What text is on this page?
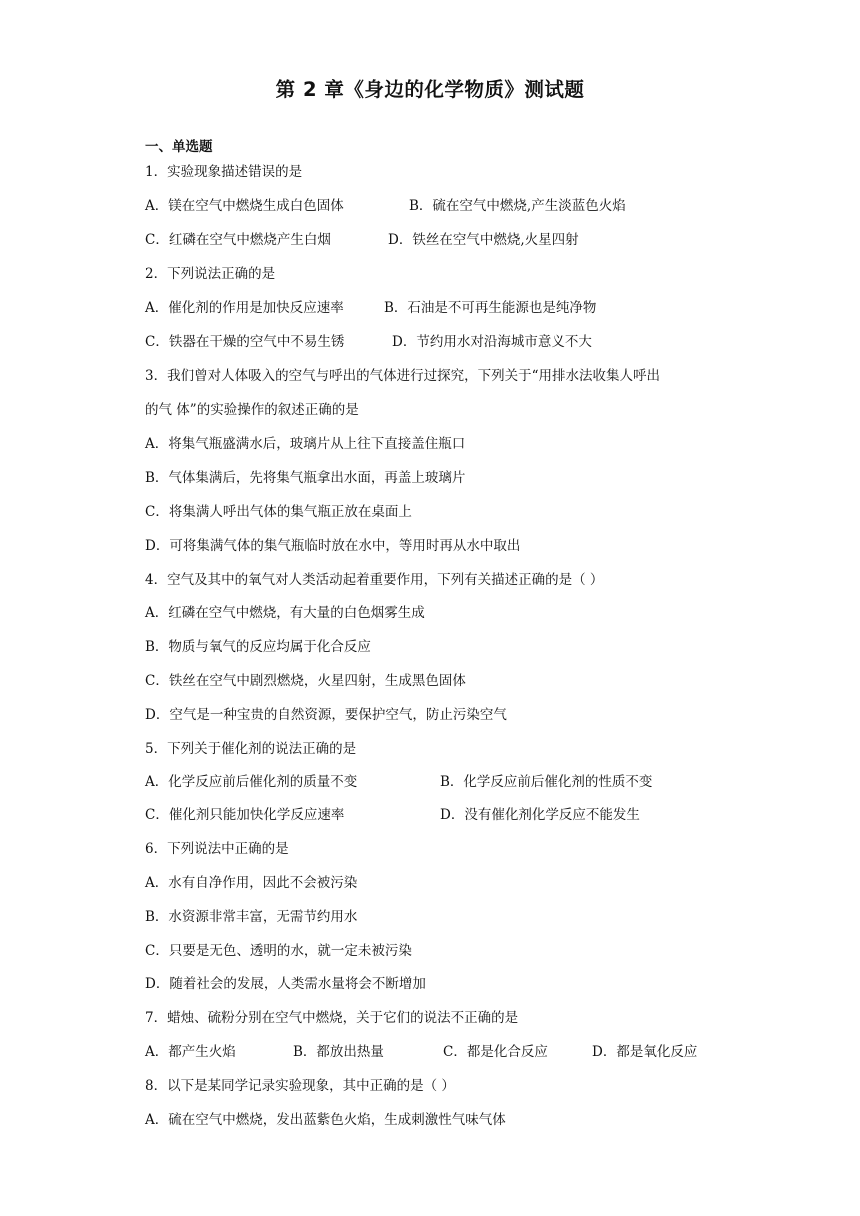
第 2 章《身边的化学物质》测试题
一、单选题
1．实验现象描述错误的是
A．镁在空气中燃烧生成白色固体	B．硫在空气中燃烧,产生淡蓝色火焰
C．红磷在空气中燃烧产生白烟	D．铁丝在空气中燃烧,火星四射
2．下列说法正确的是
A．催化剂的作用是加快反应速率	B．石油是不可再生能源也是纯净物
C．铁器在干燥的空气中不易生锈	D．节约用水对沿海城市意义不大
3．我们曾对人体吸入的空气与呼出的气体进行过探究，下列关于“用排水法收集人呼出
的气 体”的实验操作的叙述正确的是
A．将集气瓶盛满水后，玻璃片从上往下直接盖住瓶口
B．气体集满后，先将集气瓶拿出水面，再盖上玻璃片
C．将集满人呼出气体的集气瓶正放在桌面上
D．可将集满气体的集气瓶临时放在水中，等用时再从水中取出
4．空气及其中的氧气对人类活动起着重要作用，下列有关描述正确的是（ ）
A．红磷在空气中燃烧，有大量的白色烟雾生成
B．物质与氧气的反应均属于化合反应
C．铁丝在空气中剧烈燃烧，火星四射，生成黑色固体
D．空气是一种宝贵的自然资源，要保护空气，防止污染空气
5．下列关于催化剂的说法正确的是
A．化学反应前后催化剂的质量不变	B．化学反应前后催化剂的性质不变
C．催化剂只能加快化学反应速率	D．没有催化剂化学反应不能发生
6．下列说法中正确的是
A．水有自净作用，因此不会被污染
B．水资源非常丰富，无需节约用水
C．只要是无色、透明的水，就一定未被污染
D．随着社会的发展，人类需水量将会不断增加
7．蜡烛、硫粉分别在空气中燃烧，关于它们的说法不正确的是
A．都产生火焰	B．都放出热量	C．都是化合反应	D．都是氧化反应
8．以下是某同学记录实验现象，其中正确的是（ ）
A．硫在空气中燃烧，发出蓝紫色火焰，生成刺激性气味气体
